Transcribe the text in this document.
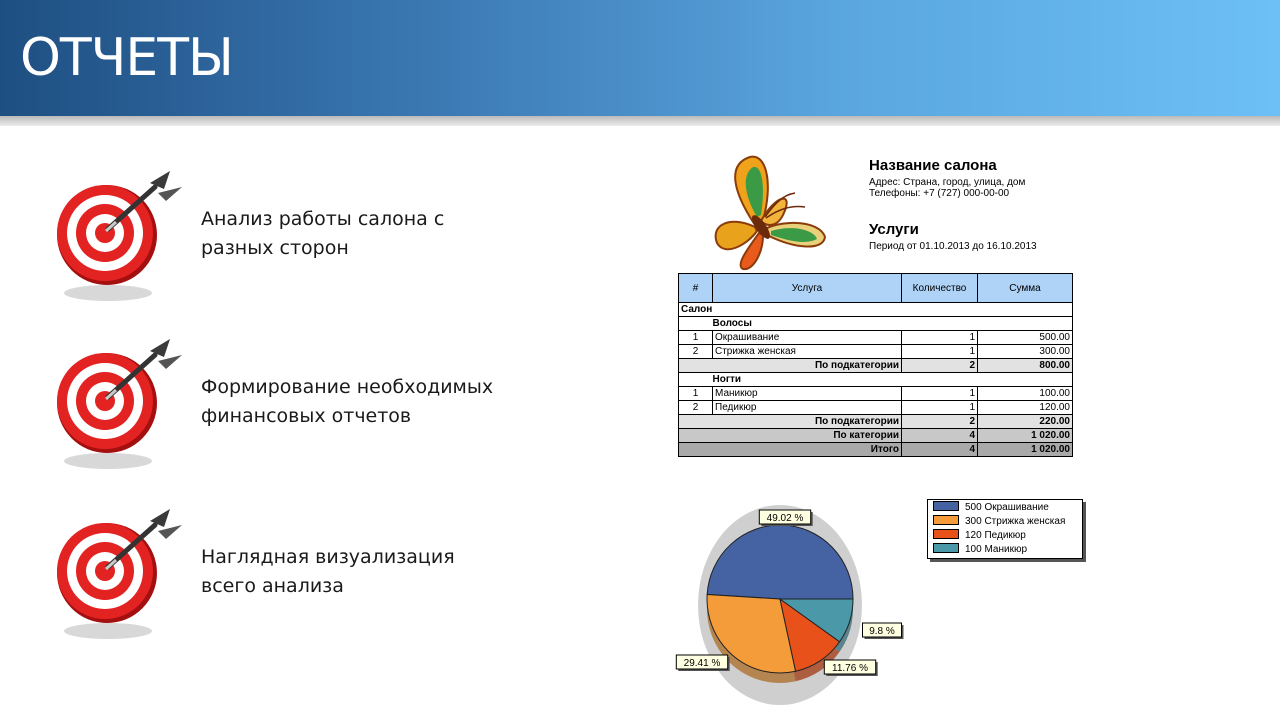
ОТЧЕТЫ
Анализ работы салона с
разных сторон
Формирование необходимых
финансовых отчетов
Наглядная визуализация
всего анализа
Название салона
Адрес: Страна, город, улица, дом
Телефоны: +7 (727) 000-00-00
Услуги
Период от 01.10.2013 до 16.10.2013
#	Услуга	Количество	Сумма
Салон			
	Волосы		
1	Окрашивание	1	500.00
2	Стрижка женская	1	300.00
По подкатегории		2	800.00
	Ногти		
1	Маникюр	1	100.00
2	Педикюр	1	120.00
По подкатегории		2	220.00
По категории		4	1 020.00
Итого		4	1 020.00
49.02 %
29.41 %	11.76 %
9.8 %
500 Окрашивание
300 Стрижка женская
120 Педикюр
100 Маникюр
